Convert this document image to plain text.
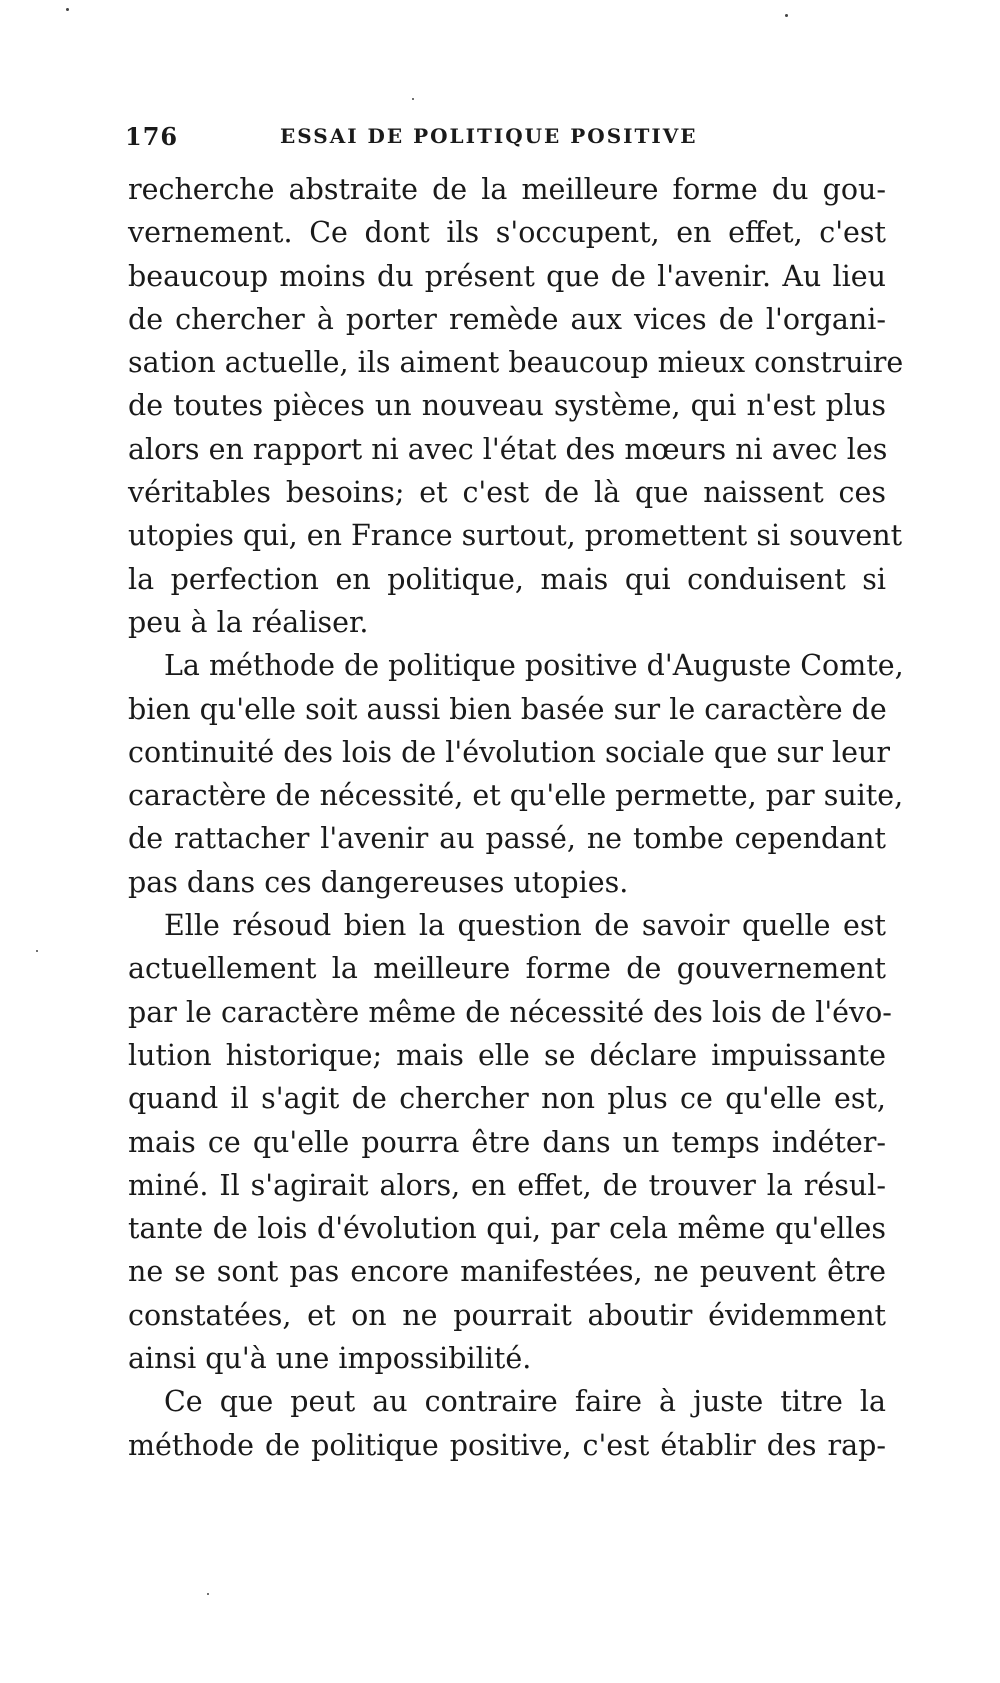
176	ESSAI DE POLITIQUE POSITIVE
recherche abstraite de la meilleure forme du gou-
vernement. Ce dont ils s'occupent, en effet, c'est
beaucoup moins du présent que de l'avenir. Au lieu
de chercher à porter remède aux vices de l'organi-
sation actuelle, ils aiment beaucoup mieux construire
de toutes pièces un nouveau système, qui n'est plus
alors en rapport ni avec l'état des mœurs ni avec les
véritables besoins; et c'est de là que naissent ces
utopies qui, en France surtout, promettent si souvent
la perfection en politique, mais qui conduisent si
peu à la réaliser.
La méthode de politique positive d'Auguste Comte,
bien qu'elle soit aussi bien basée sur le caractère de
continuité des lois de l'évolution sociale que sur leur
caractère de nécessité, et qu'elle permette, par suite,
de rattacher l'avenir au passé, ne tombe cependant
pas dans ces dangereuses utopies.
Elle résoud bien la question de savoir quelle est
actuellement la meilleure forme de gouvernement
par le caractère même de nécessité des lois de l'évo-
lution historique; mais elle se déclare impuissante
quand il s'agit de chercher non plus ce qu'elle est,
mais ce qu'elle pourra être dans un temps indéter-
miné. Il s'agirait alors, en effet, de trouver la résul-
tante de lois d'évolution qui, par cela même qu'elles
ne se sont pas encore manifestées, ne peuvent être
constatées, et on ne pourrait aboutir évidemment
ainsi qu'à une impossibilité.
Ce que peut au contraire faire à juste titre la
méthode de politique positive, c'est établir des rap-
